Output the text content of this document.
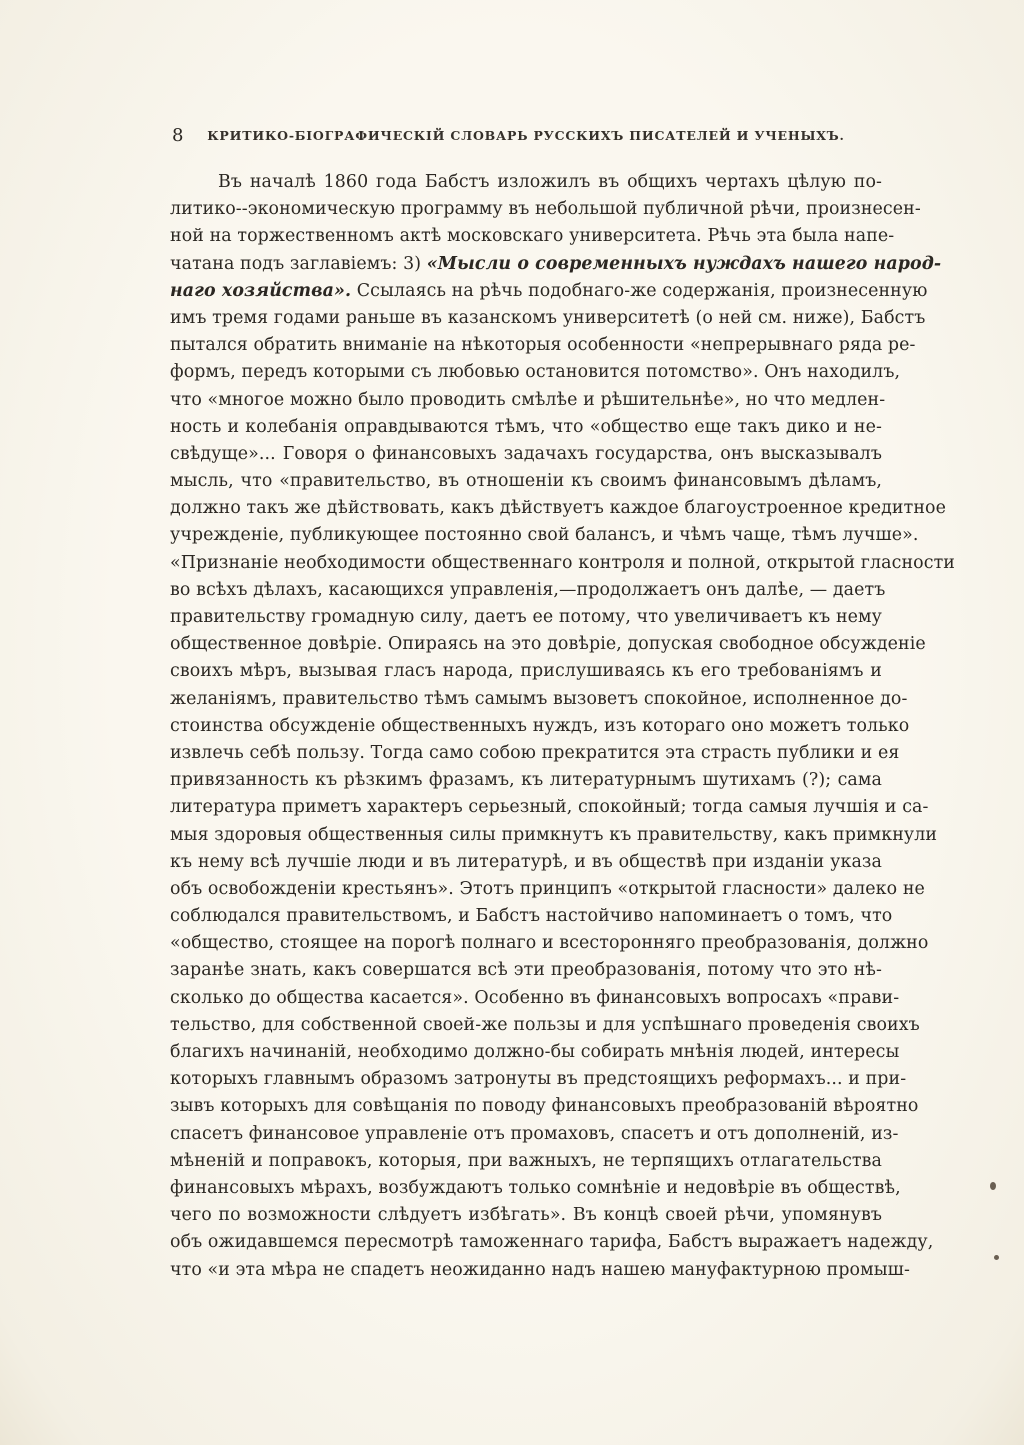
8	КРИТИКО-БІОГРАФИЧЕСКІЙ СЛОВАРЬ РУССКИХЪ ПИСАТЕЛЕЙ И УЧЕНЫХЪ.
Въ началѣ 1860 года Бабстъ изложилъ въ общихъ чертахъ цѣлую по-
литико--экономическую программу въ небольшой публичной рѣчи, произнесен-
ной на торжественномъ актѣ московскаго университета. Рѣчь эта была напе-
чатана подъ заглавіемъ: 3) «Мысли о современныхъ нуждахъ нашего народ-
наго хозяйства». Ссылаясь на рѣчь подобнаго-же содержанія, произнесенную
имъ тремя годами раньше въ казанскомъ университетѣ (о ней см. ниже), Бабстъ
пытался обратить вниманіе на нѣкоторыя особенности «непрерывнаго ряда ре-
формъ, передъ которыми съ любовью остановится потомство». Онъ находилъ,
что «многое можно было проводить смѣлѣе и рѣшительнѣе», но что медлен-
ность и колебанія оправдываются тѣмъ, что «общество еще такъ дико и не-
свѣдуще»... Говоря о финансовыхъ задачахъ государства, онъ высказывалъ
мысль, что «правительство, въ отношеніи къ своимъ финансовымъ дѣламъ,
должно такъ же дѣйствовать, какъ дѣйствуетъ каждое благоустроенное кредитное
учрежденіе, публикующее постоянно свой балансъ, и чѣмъ чаще, тѣмъ лучше».
«Признаніе необходимости общественнаго контроля и полной, открытой гласности
во всѣхъ дѣлахъ, касающихся управленія,—продолжаетъ онъ далѣе, — даетъ
правительству громадную силу, даетъ ее потому, что увеличиваетъ къ нему
общественное довѣріе. Опираясь на это довѣріе, допуская свободное обсужденіе
своихъ мѣръ, вызывая гласъ народа, прислушиваясь къ его требованіямъ и
желаніямъ, правительство тѣмъ самымъ вызоветъ спокойное, исполненное до-
стоинства обсужденіе общественныхъ нуждъ, изъ котораго оно можетъ только
извлечь себѣ пользу. Тогда само собою прекратится эта страсть публики и ея
привязанность къ рѣзкимъ фразамъ, къ литературнымъ шутихамъ (?); сама
литература приметъ характеръ серьезный, спокойный; тогда самыя лучшія и са-
мыя здоровыя общественныя силы примкнутъ къ правительству, какъ примкнули
къ нему всѣ лучшіе люди и въ литературѣ, и въ обществѣ при изданіи указа
объ освобожденіи крестьянъ». Этотъ принципъ «открытой гласности» далеко не
соблюдался правительствомъ, и Бабстъ настойчиво напоминаетъ о томъ, что
«общество, стоящее на порогѣ полнаго и всесторонняго преобразованія, должно
заранѣе знать, какъ совершатся всѣ эти преобразованія, потому что это нѣ-
сколько до общества касается». Особенно въ финансовыхъ вопросахъ «прави-
тельство, для собственной своей-же пользы и для успѣшнаго проведенія своихъ
благихъ начинаній, необходимо должно-бы собирать мнѣнія людей, интересы
которыхъ главнымъ образомъ затронуты въ предстоящихъ реформахъ... и при-
зывъ которыхъ для совѣщанія по поводу финансовыхъ преобразованій вѣроятно
спасетъ финансовое управленіе отъ промаховъ, спасетъ и отъ дополненій, из-
мѣненій и поправокъ, которыя, при важныхъ, не терпящихъ отлагательства
финансовыхъ мѣрахъ, возбуждаютъ только сомнѣніе и недовѣріе въ обществѣ,
чего по возможности слѣдуетъ избѣгать». Въ концѣ своей рѣчи, упомянувъ
объ ожидавшемся пересмотрѣ таможеннаго тарифа, Бабстъ выражаетъ надежду,
что «и эта мѣра не спадетъ неожиданно надъ нашею мануфактурною промыш-
